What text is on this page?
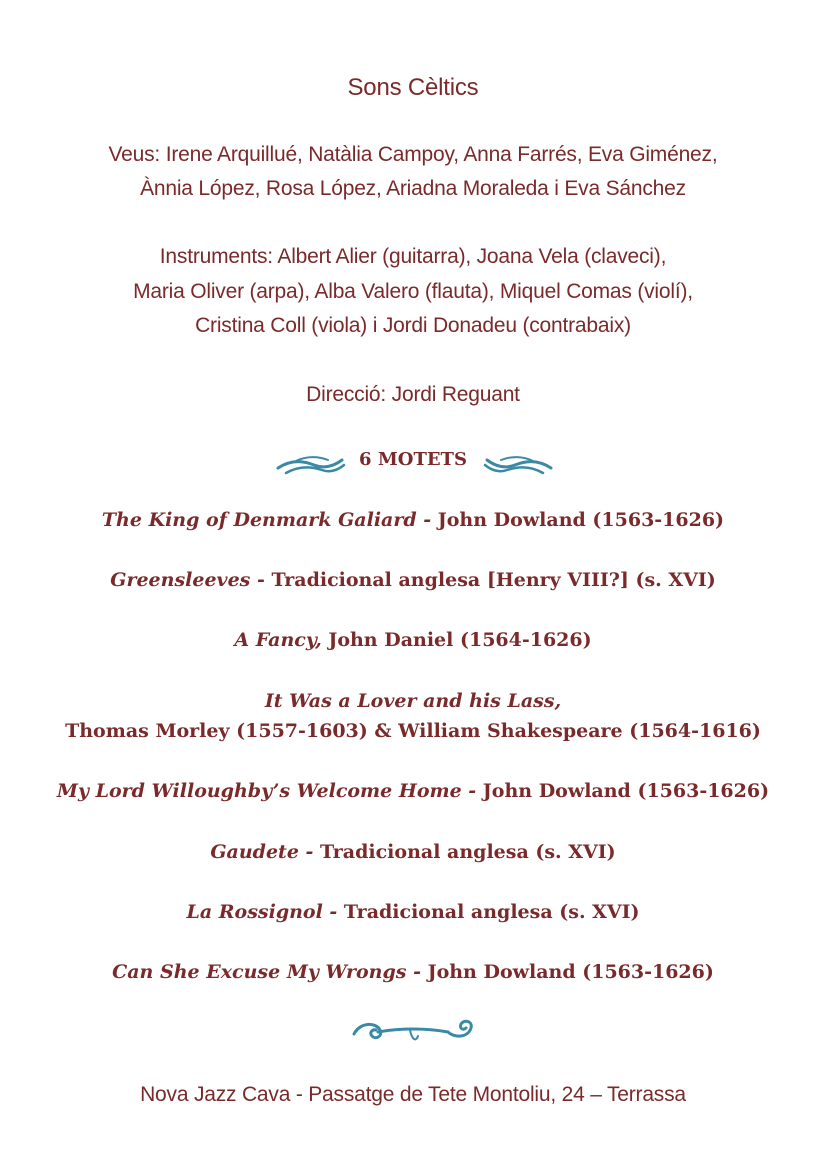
Sons Cèltics
Veus: Irene Arquillué, Natàlia Campoy, Anna Farrés, Eva Giménez,
Ànnia López, Rosa López, Ariadna Moraleda i Eva Sánchez
Instruments: Albert Alier (guitarra), Joana Vela (claveci),
Maria Oliver (arpa), Alba Valero (flauta), Miquel Comas (violí),
Cristina Coll (viola) i Jordi Donadeu (contrabaix)
Direcció: Jordi Reguant
6 MOTETS
The King of Denmark Galiard - John Dowland (1563-1626)
Greensleeves - Tradicional anglesa [Henry VIII?] (s. XVI)
A Fancy, John Daniel (1564-1626)
It Was a Lover and his Lass,
Thomas Morley (1557-1603) & William Shakespeare (1564-1616)
My Lord Willoughby’s Welcome Home - John Dowland (1563-1626)
Gaudete - Tradicional anglesa (s. XVI)
La Rossignol - Tradicional anglesa (s. XVI)
Can She Excuse My Wrongs - John Dowland (1563-1626)
Nova Jazz Cava - Passatge de Tete Montoliu, 24 – Terrassa
